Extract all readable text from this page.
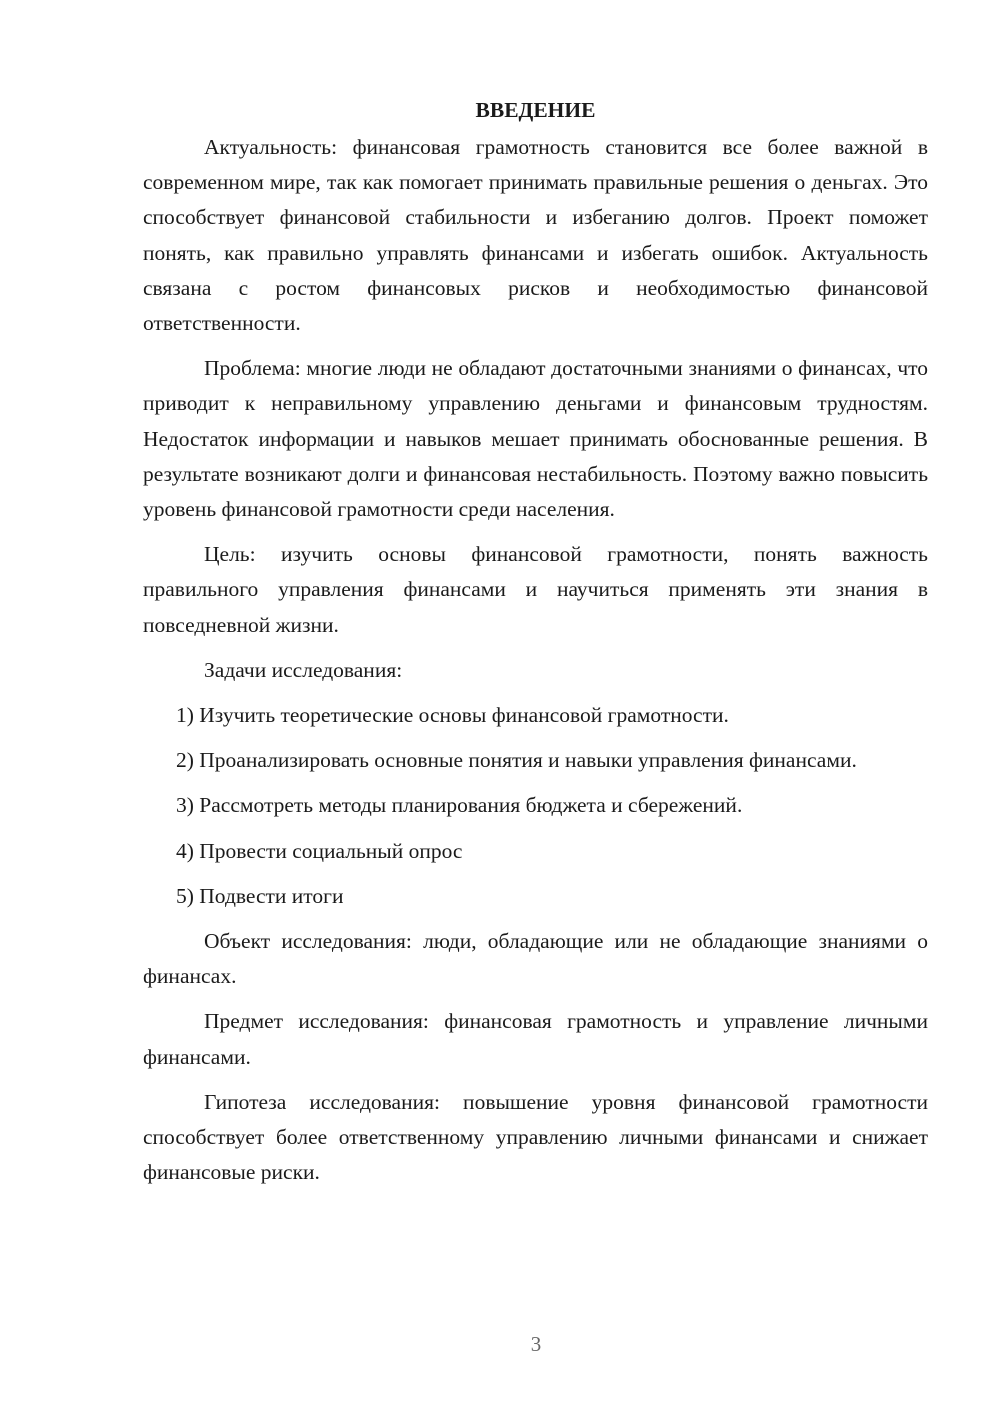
ВВЕДЕНИЕ

Актуальность: финансовая грамотность становится все более важной в современном мире, так как помогает принимать правильные решения о деньгах. Это способствует финансовой стабильности и избеганию долгов. Проект поможет понять, как правильно управлять финансами и избегать ошибок. Актуальность связана с ростом финансовых рисков и необходимостью финансовой ответственности.

Проблема: многие люди не обладают достаточными знаниями о финансах, что приводит к неправильному управлению деньгами и финансовым трудностям. Недостаток информации и навыков мешает принимать обоснованные решения. В результате возникают долги и финансовая нестабильность. Поэтому важно повысить уровень финансовой грамотности среди населения.

Цель: изучить основы финансовой грамотности, понять важность правильного управления финансами и научиться применять эти знания в повседневной жизни.

Задачи исследования:

1) Изучить теоретические основы финансовой грамотности.

2) Проанализировать основные понятия и навыки управления финансами.

3) Рассмотреть методы планирования бюджета и сбережений.

4) Провести социальный опрос

5) Подвести итоги

Объект исследования: люди, обладающие или не обладающие знаниями о финансах.

Предмет исследования: финансовая грамотность и управление личными финансами.

Гипотеза исследования: повышение уровня финансовой грамотности способствует более ответственному управлению личными финансами и снижает финансовые риски.

3
